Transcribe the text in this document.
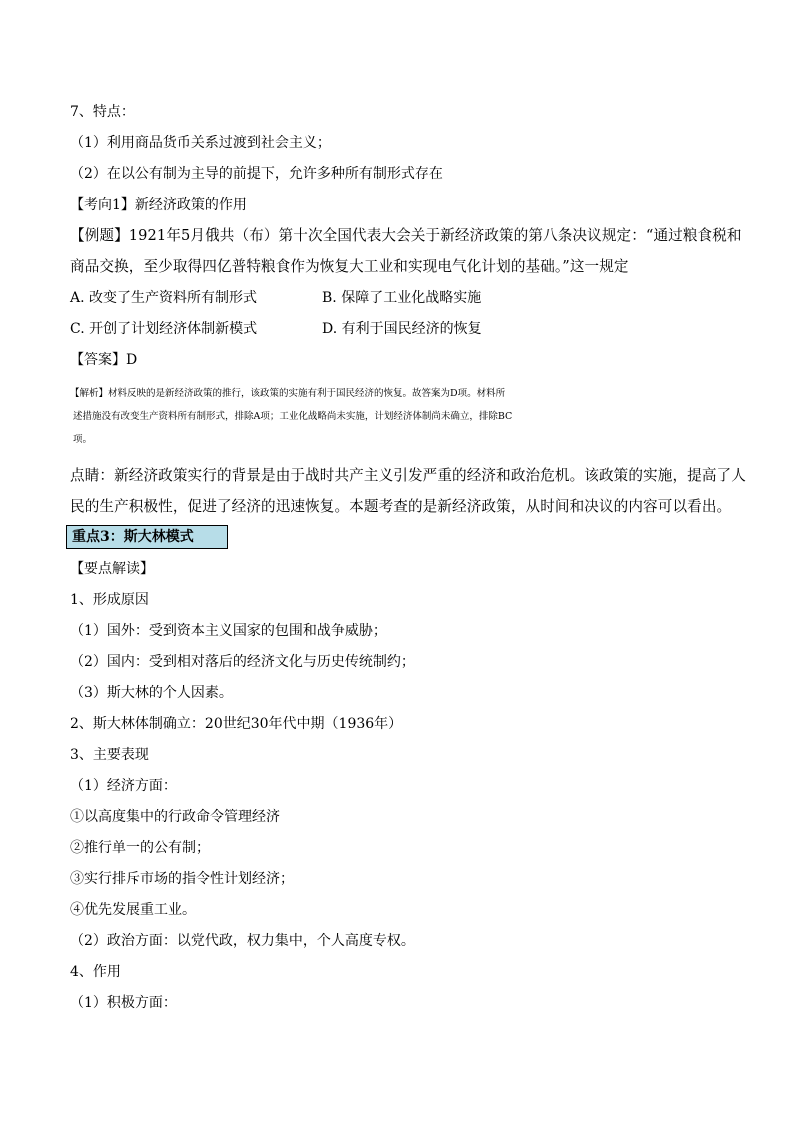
7、特点：
（1）利用商品货币关系过渡到社会主义；
（2）在以公有制为主导的前提下，允许多种所有制形式存在
【考向1】新经济政策的作用
【例题】1921年5月俄共（布）第十次全国代表大会关于新经济政策的第八条决议规定：“通过粮食税和
商品交换，至少取得四亿普特粮食作为恢复大工业和实现电气化计划的基础。”这一规定
A. 改变了生产资料所有制形式	B. 保障了工业化战略实施
C. 开创了计划经济体制新模式	D. 有利于国民经济的恢复
【答案】D
【解析】材料反映的是新经济政策的推行，该政策的实施有利于国民经济的恢复。故答案为D项。材料所
述措施没有改变生产资料所有制形式，排除A项；工业化战略尚未实施，计划经济体制尚未确立，排除BC
项。
点睛：新经济政策实行的背景是由于战时共产主义引发严重的经济和政治危机。该政策的实施，提高了人
民的生产积极性，促进了经济的迅速恢复。本题考查的是新经济政策，从时间和决议的内容可以看出。
重点3：斯大林模式
【要点解读】
1、形成原因
（1）国外：受到资本主义国家的包围和战争威胁；
（2）国内：受到相对落后的经济文化与历史传统制约；
（3）斯大林的个人因素。
2、斯大林体制确立：20世纪30年代中期（1936年）
3、主要表现
（1）经济方面：
①以高度集中的行政命令管理经济
②推行单一的公有制；
③实行排斥市场的指令性计划经济；
④优先发展重工业。
（2）政治方面：以党代政，权力集中，个人高度专权。
4、作用
（1）积极方面：
